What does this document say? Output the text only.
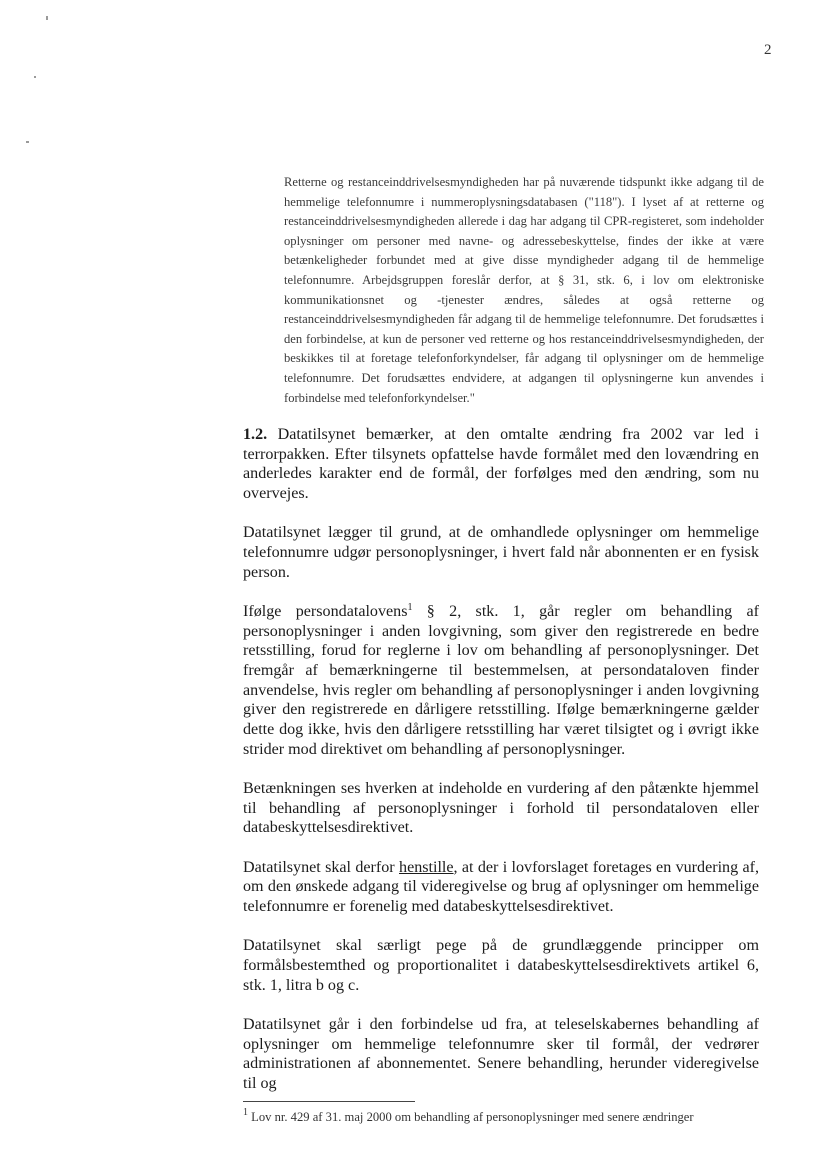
2

Retterne og restanceinddrivelsesmyndigheden har på nuværende tidspunkt ikke adgang til de hemmelige telefonnumre i nummeroplysningsdatabasen ("118"). I lyset af at retterne og restanceinddrivelsesmyndigheden allerede i dag har adgang til CPR-registeret, som indeholder oplysninger om personer med navne- og adressebeskyttelse, findes der ikke at være betænkeligheder forbundet med at give disse myndigheder adgang til de hemmelige telefonnumre. Arbejdsgruppen foreslår derfor, at § 31, stk. 6, i lov om elektroniske kommunikationsnet og -tjenester ændres, således at også retterne og restanceinddrivelsesmyndigheden får adgang til de hemmelige telefonnumre. Det forudsættes i den forbindelse, at kun de personer ved retterne og hos restanceinddrivelsesmyndigheden, der beskikkes til at foretage telefonforkyndelser, får adgang til oplysninger om de hemmelige telefonnumre. Det forudsættes endvidere, at adgangen til oplysningerne kun anvendes i forbindelse med telefonforkyndelser."

1.2. Datatilsynet bemærker, at den omtalte ændring fra 2002 var led i terrorpakken. Efter tilsynets opfattelse havde formålet med den lovændring en anderledes karakter end de formål, der forfølges med den ændring, som nu overvejes.

Datatilsynet lægger til grund, at de omhandlede oplysninger om hemmelige telefonnumre udgør personoplysninger, i hvert fald når abonnenten er en fysisk person.

Ifølge persondatalovens$^1$ § 2, stk. 1, går regler om behandling af personoplysninger i anden lovgivning, som giver den registrerede en bedre retsstilling, forud for reglerne i lov om behandling af personoplysninger. Det fremgår af bemærkningerne til bestemmelsen, at persondataloven finder anvendelse, hvis regler om behandling af personoplysninger i anden lovgivning giver den registrerede en dårligere retsstilling. Ifølge bemærkningerne gælder dette dog ikke, hvis den dårligere retsstilling har været tilsigtet og i øvrigt ikke strider mod direktivet om behandling af personoplysninger.

Betænkningen ses hverken at indeholde en vurdering af den påtænkte hjemmel til behandling af personoplysninger i forhold til persondataloven eller databeskyttelsesdirektivet.

Datatilsynet skal derfor henstille, at der i lovforslaget foretages en vurdering af, om den ønskede adgang til videregivelse og brug af oplysninger om hemmelige telefonnumre er forenelig med databeskyttelsesdirektivet.

Datatilsynet skal særligt pege på de grundlæggende principper om formålsbestemthed og proportionalitet i databeskyttelsesdirektivets artikel 6, stk. 1, litra b og c.

Datatilsynet går i den forbindelse ud fra, at teleselskabernes behandling af oplysninger om hemmelige telefonnumre sker til formål, der vedrører administrationen af abonnementet. Senere behandling, herunder videregivelse til og

$^1$ Lov nr. 429 af 31. maj 2000 om behandling af personoplysninger med senere ændringer
